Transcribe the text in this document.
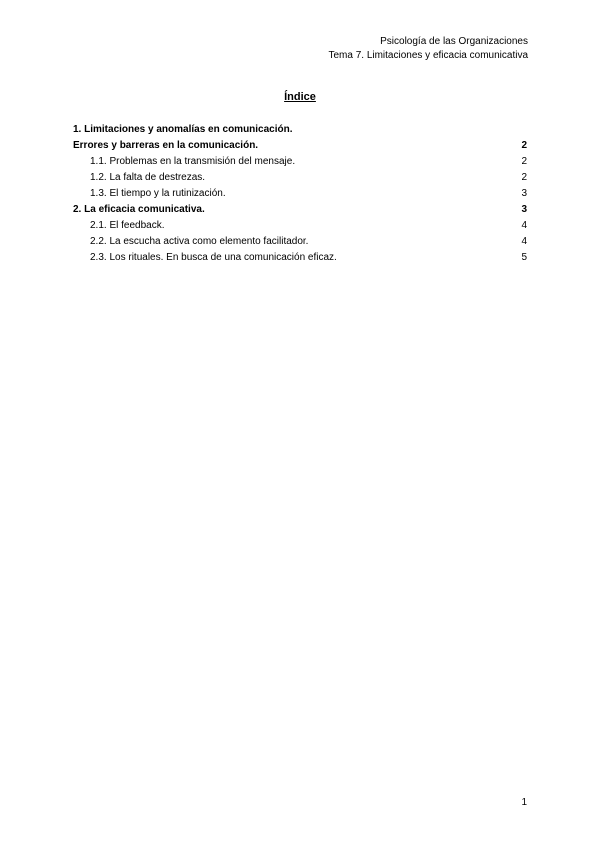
Psicología de las Organizaciones
Tema 7. Limitaciones y eficacia comunicativa
Índice
1. Limitaciones y anomalías en comunicación.
Errores y barreras en la comunicación.	2
1.1. Problemas en la transmisión del mensaje.	2
1.2. La falta de destrezas.	2
1.3. El tiempo y la rutinización.	3
2. La eficacia comunicativa.	3
2.1. El feedback.	4
2.2. La escucha activa como elemento facilitador.	4
2.3. Los rituales. En busca de una comunicación eficaz.	5
1
